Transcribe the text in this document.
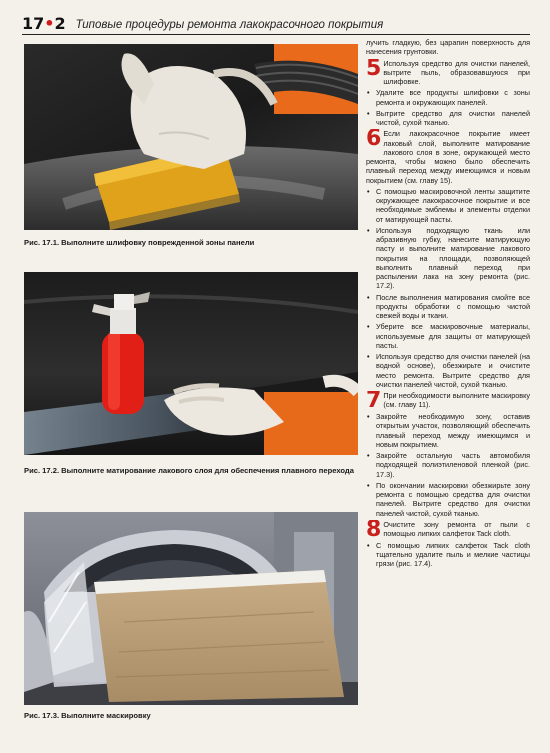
17•2 Типовые процедуры ремонта лакокрасочного покрытия
Рис. 17.1. Выполните шлифовку поврежденной зоны панели
Рис. 17.2. Выполните матирование лакового слоя для обеспечения плавного перехода
Рис. 17.3. Выполните маскировку

лучить гладкую, без царапин поверхность для нанесения грунтовки.

5 Используя средство для очистки панелей, вытрите пыль, образовавшуюся при шлифовке.
• Удалите все продукты шлифовки с зоны ремонта и окружающих панелей.
• Вытрите средство для очистки панелей чистой, сухой тканью.
6 Если лакокрасочное покрытие имеет лаковый слой, выполните матирование лакового слоя в зоне, окружающей место ремонта, чтобы можно было обеспечить плавный переход между имеющимся и новым покрытием (см. главу 15).
• С помощью маскировочной ленты защитите окружающее лакокрасочное покрытие и все необходимые эмблемы и элементы отделки от матирующей пасты.
• Используя подходящую ткань или абразивную губку, нанесите матирующую пасту и выполните матирование лакового покрытия на площади, позволяющей выполнить плавный переход при распылении лака на зону ремонта (рис. 17.2).
• После выполнения матирования смойте все продукты обработки с помощью чистой свежей воды и ткани.
• Уберите все маскировочные материалы, используемые для защиты от матирующей пасты.
• Используя средство для очистки панелей (на водной основе), обезжирьте и очистите место ремонта. Вытрите средство для очистки панелей чистой, сухой тканью.
7 При необходимости выполните маскировку (см. главу 11).
• Закройте необходимую зону, оставив открытым участок, позволяющий обеспечить плавный переход между имеющимся и новым покрытием.
• Закройте остальную часть автомобиля подходящей полиэтиленовой пленкой (рис. 17.3).
• По окончании маскировки обезжирьте зону ремонта с помощью средства для очистки панелей. Вытрите средство для очистки панелей чистой, сухой тканью.
8 Очистите зону ремонта от пыли с помощью липких салфеток Tack cloth.
• С помощью липких салфеток Tack cloth тщательно удалите пыль и мелкие частицы грязи (рис. 17.4).
